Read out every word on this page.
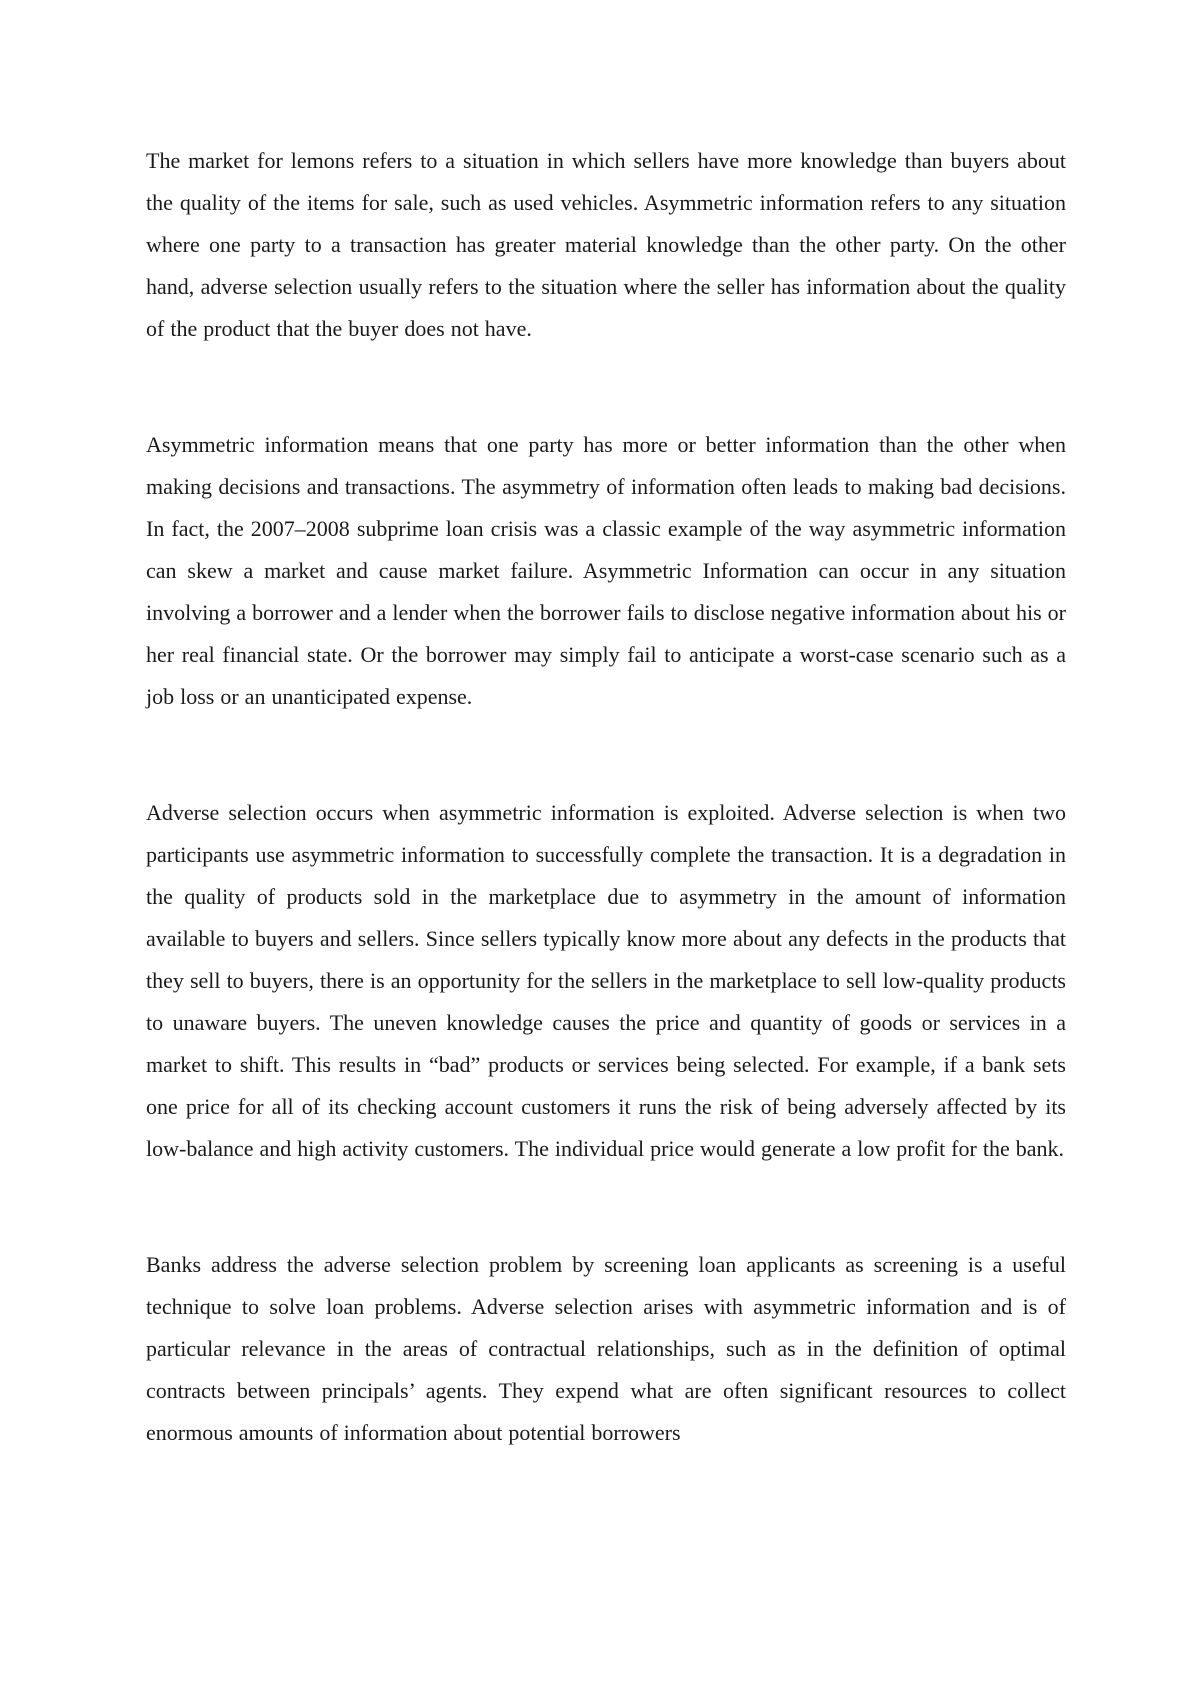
The market for lemons refers to a situation in which sellers have more knowledge than buyers about the quality of the items for sale, such as used vehicles. Asymmetric information refers to any situation where one party to a transaction has greater material knowledge than the other party. On the other hand, adverse selection usually refers to the situation where the seller has information about the quality of the product that the buyer does not have.

Asymmetric information means that one party has more or better information than the other when making decisions and transactions. The asymmetry of information often leads to making bad decisions. In fact, the 2007–2008 subprime loan crisis was a classic example of the way asymmetric information can skew a market and cause market failure. Asymmetric Information can occur in any situation involving a borrower and a lender when the borrower fails to disclose negative information about his or her real financial state. Or the borrower may simply fail to anticipate a worst-case scenario such as a job loss or an unanticipated expense.

Adverse selection occurs when asymmetric information is exploited. Adverse selection is when two participants use asymmetric information to successfully complete the transaction. It is a degradation in the quality of products sold in the marketplace due to asymmetry in the amount of information available to buyers and sellers. Since sellers typically know more about any defects in the products that they sell to buyers, there is an opportunity for the sellers in the marketplace to sell low-quality products to unaware buyers. The uneven knowledge causes the price and quantity of goods or services in a market to shift. This results in “bad” products or services being selected. For example, if a bank sets one price for all of its checking account customers it runs the risk of being adversely affected by its low-balance and high activity customers. The individual price would generate a low profit for the bank.

Banks address the adverse selection problem by screening loan applicants as screening is a useful technique to solve loan problems. Adverse selection arises with asymmetric information and is of particular relevance in the areas of contractual relationships, such as in the definition of optimal contracts between principals’ agents. They expend what are often significant resources to collect enormous amounts of information about potential borrowers
